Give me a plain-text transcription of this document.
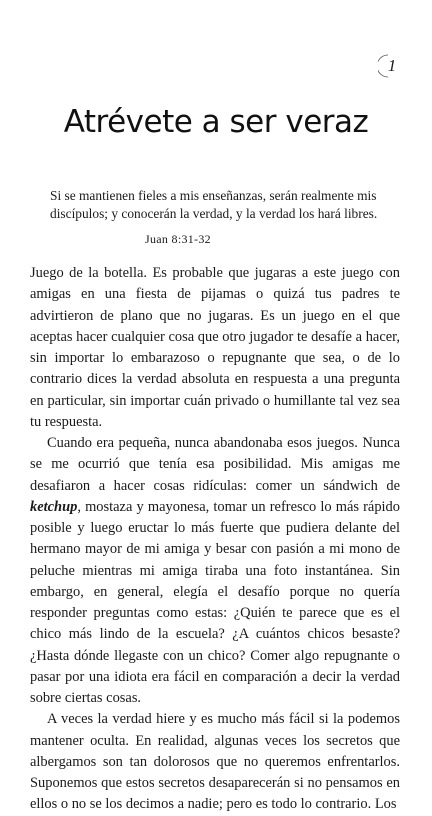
1
Atrévete a ser veraz
Si se mantienen fieles a mis enseñanzas, serán realmente mis discípulos; y conocerán la verdad, y la verdad los hará libres.
Juan 8:31-32

Juego de la botella. Es probable que jugaras a este juego con amigas en una fiesta de pijamas o quizá tus padres te advirtieron de plano que no jugaras. Es un juego en el que aceptas hacer cualquier cosa que otro jugador te desafíe a hacer, sin importar lo embarazoso o repugnante que sea, o de lo contrario dices la verdad absoluta en respuesta a una pregunta en particular, sin importar cuán privado o humillante tal vez sea tu respuesta.

Cuando era pequeña, nunca abandonaba esos juegos. Nunca se me ocurrió que tenía esa posibilidad. Mis amigas me desafiaron a hacer cosas ridículas: comer un sándwich de ketchup, mostaza y mayonesa, tomar un refresco lo más rápido posible y luego eructar lo más fuerte que pudiera delante del hermano mayor de mi amiga y besar con pasión a mi mono de peluche mientras mi amiga tiraba una foto instantánea. Sin embargo, en general, elegía el desafío porque no quería responder preguntas como estas: ¿Quién te parece que es el chico más lindo de la escuela? ¿A cuántos chicos besaste? ¿Hasta dónde llegaste con un chico? Comer algo repugnante o pasar por una idiota era fácil en comparación a decir la verdad sobre ciertas cosas.

A veces la verdad hiere y es mucho más fácil si la podemos mantener oculta. En realidad, algunas veces los secretos que albergamos son tan dolorosos que no queremos enfrentarlos. Suponemos que estos secretos desaparecerán si no pensamos en ellos o no se los decimos a nadie; pero es todo lo contrario. Los
